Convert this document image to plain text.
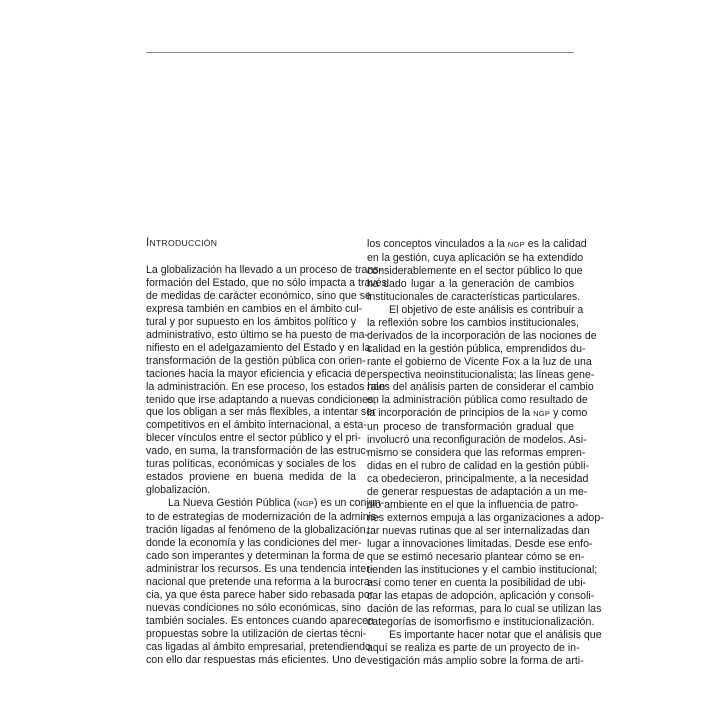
INTRODUCCIÓN
La globalización ha llevado a un proceso de trans-
formación del Estado, que no sólo impacta a través
de medidas de carácter económico, sino que se
expresa también en cambios en el ámbito cul-
tural y por supuesto en los ámbitos político y
administrativo, esto último se ha puesto de ma-
nifiesto en el adelgazamiento del Estado y en la
transformación de la gestión pública con orien-
taciones hacia la mayor eficiencia y eficacia de
la administración. En ese proceso, los estados han
tenido que irse adaptando a nuevas condiciones,
que los obligan a ser más flexibles, a intentar ser
competitivos en el ámbito internacional, a esta-
blecer vínculos entre el sector público y el pri-
vado, en suma, la transformación de las estruc-
turas políticas, económicas y sociales de los
estados proviene en buena medida de la
globalización.
La Nueva Gestión Pública (NGP) es un conjun-
to de estrategias de modernización de la adminis-
tración ligadas al fenómeno de la globalización,
donde la economía y las condiciones del mer-
cado son imperantes y determinan la forma de
administrar los recursos. Es una tendencia inter-
nacional que pretende una reforma a la burocra-
cia, ya que ésta parece haber sido rebasada por
nuevas condiciones no sólo económicas, sino
también sociales. Es entonces cuando aparecen
propuestas sobre la utilización de ciertas técni-
cas ligadas al ámbito empresarial, pretendiendo
con ello dar respuestas más eficientes. Uno de
los conceptos vinculados a la NGP es la calidad
en la gestión, cuya aplicación se ha extendido
considerablemente en el sector público lo que
ha dado lugar a la generación de cambios
institucionales de características particulares.
El objetivo de este análisis es contribuir a
la reflexión sobre los cambios institucionales,
derivados de la incorporación de las nociones de
calidad en la gestión pública, emprendidos du-
rante el gobierno de Vicente Fox a la luz de una
perspectiva neoinstitucionalista; las líneas gene-
rales del análisis parten de considerar el cambio
en la administración pública como resultado de
la incorporación de principios de la NGP y como
un proceso de transformación gradual que
involucró una reconfiguración de modelos. Asi-
mismo se considera que las reformas empren-
didas en el rubro de calidad en la gestión públi-
ca obedecieron, principalmente, a la necesidad
de generar respuestas de adaptación a un me-
dio ambiente en el que la influencia de patro-
nes externos empuja a las organizaciones a adop-
tar nuevas rutinas que al ser internalizadas dan
lugar a innovaciones limitadas. Desde ese enfo-
que se estimó necesario plantear cómo se en-
tienden las instituciones y el cambio institucional;
así como tener en cuenta la posibilidad de ubi-
car las etapas de adopción, aplicación y consoli-
dación de las reformas, para lo cual se utilizan las
categorías de isomorfismo e institucionalización.
Es importante hacer notar que el análisis que
aquí se realiza es parte de un proyecto de in-
vestigación más amplio sobre la forma de arti-
